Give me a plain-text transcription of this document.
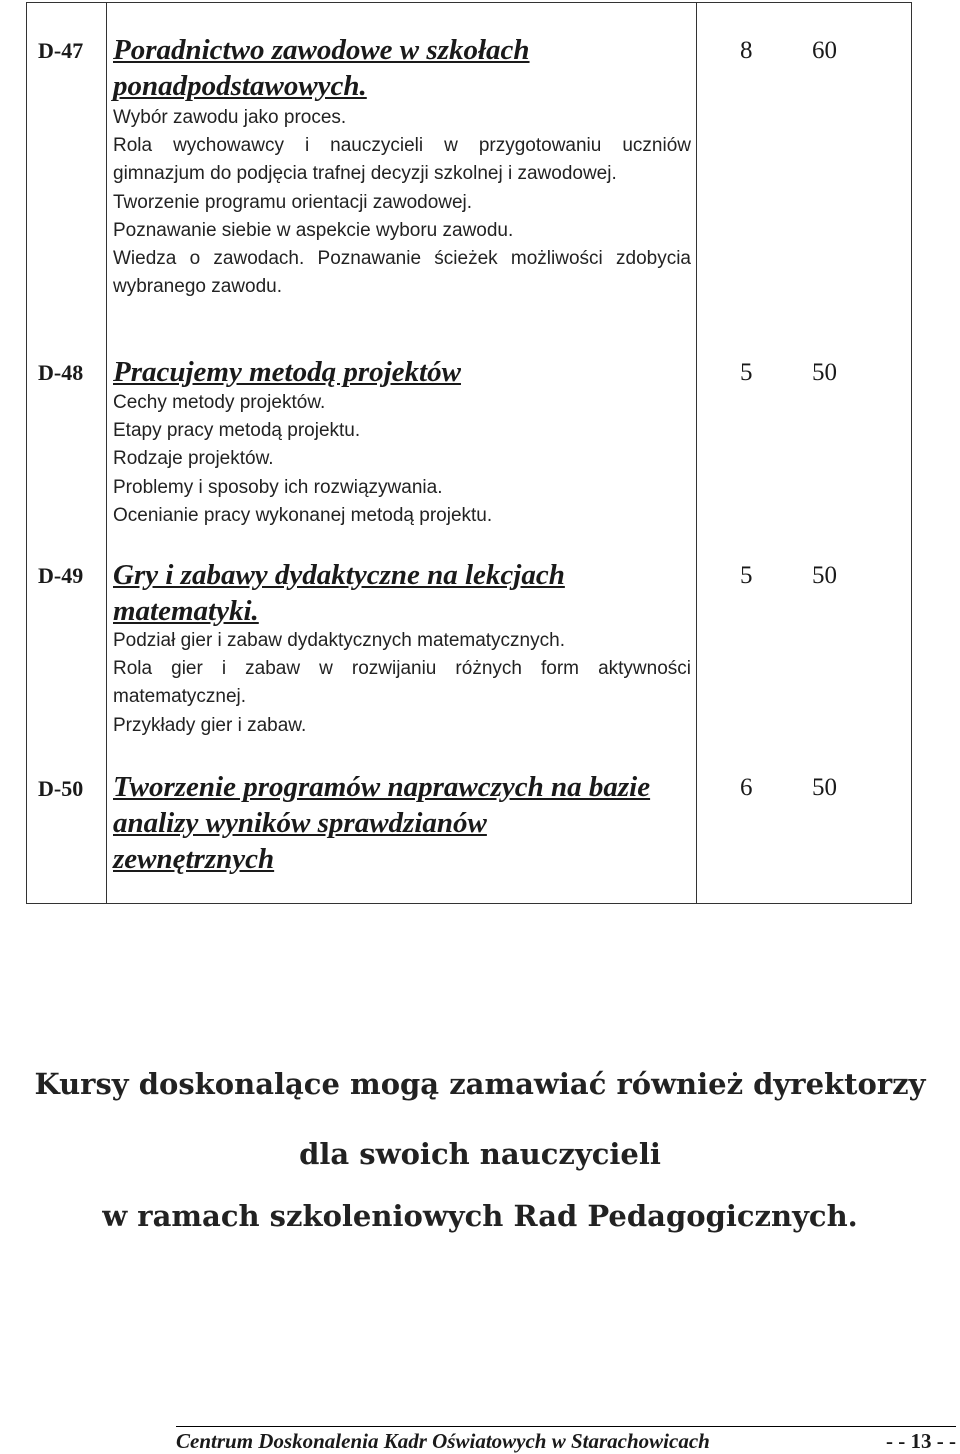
D-47 Poradnictwo zawodowe w szkołach ponadpodstawowych.
Wybór zawodu jako proces.
Rola wychowawcy i nauczycieli w przygotowaniu uczniów gimnazjum do podjęcia trafnej decyzji szkolnej i zawodowej.
Tworzenie programu orientacji zawodowej.
Poznawanie siebie w aspekcie wyboru zawodu.
Wiedza o zawodach. Poznawanie ścieżek możliwości zdobycia wybranego zawodu.
8 60
D-48 Pracujemy metodą projektów
Cechy metody projektów.
Etapy pracy metodą projektu.
Rodzaje projektów.
Problemy i sposoby ich rozwiązywania.
Ocenianie pracy wykonanej metodą projektu.
5 50
D-49 Gry i zabawy dydaktyczne na lekcjach matematyki.
Podział gier i zabaw dydaktycznych matematycznych.
Rola gier i zabaw w rozwijaniu różnych form aktywności matematycznej.
Przykłady gier i zabaw.
5 50
D-50 Tworzenie programów naprawczych na bazie analizy wyników sprawdzianów zewnętrznych
6 50
Kursy doskonalące mogą zamawiać również dyrektorzy
dla swoich nauczycieli
w ramach szkoleniowych Rad Pedagogicznych.
Centrum Doskonalenia Kadr Oświatowych w Starachowicach	- - 13 - -
